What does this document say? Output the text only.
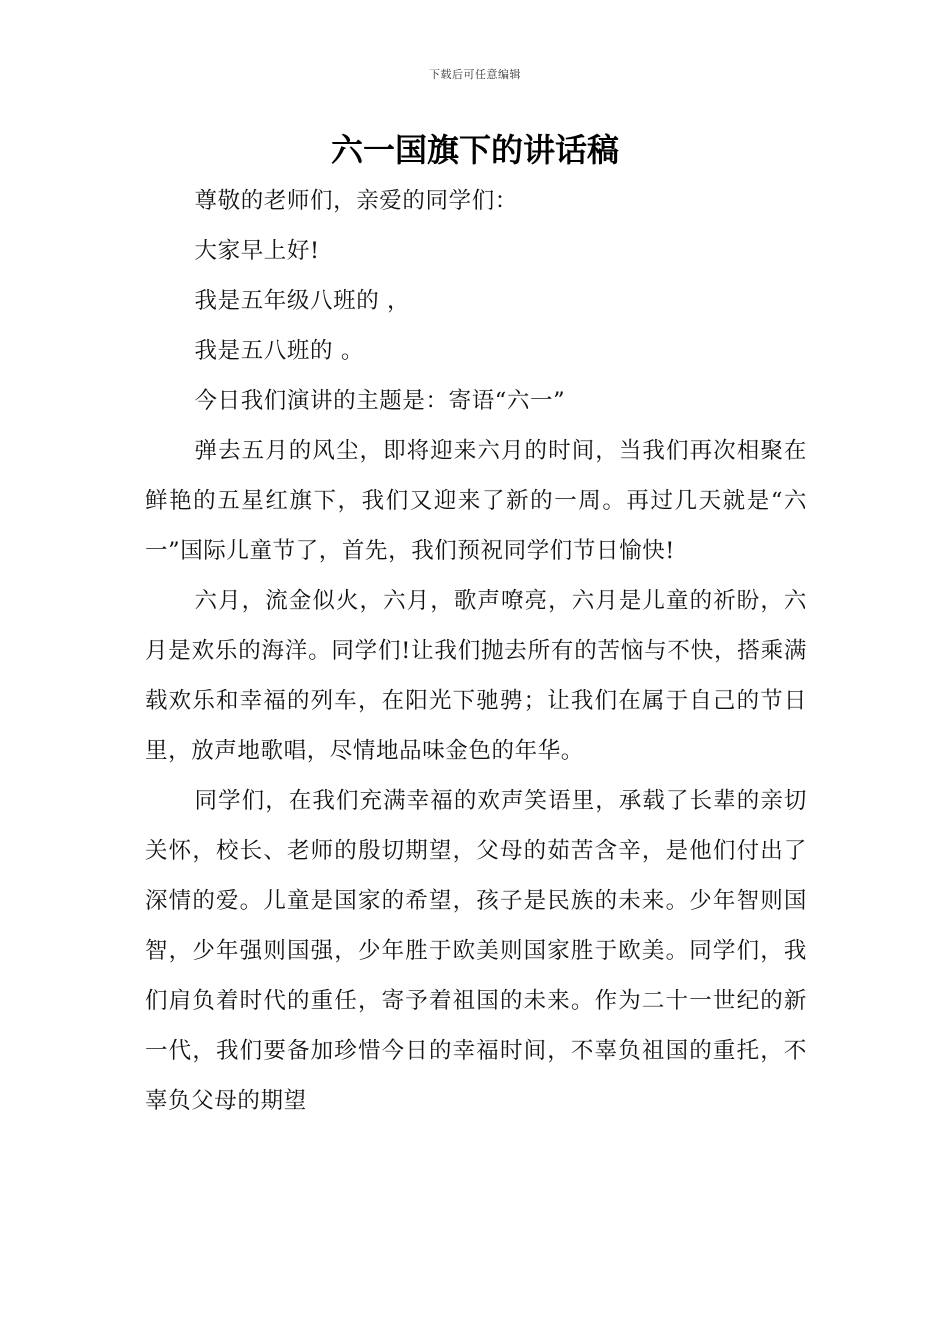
下载后可任意编辑
六一国旗下的讲话稿

尊敬的老师们，亲爱的同学们：

大家早上好!

我是五年级八班的 ，

我是五八班的 。

今日我们演讲的主题是：寄语“六一”

弹去五月的风尘，即将迎来六月的时间，当我们再次相聚在鲜艳的五星红旗下，我们又迎来了新的一周。再过几天就是“六一”国际儿童节了，首先，我们预祝同学们节日愉快!

六月，流金似火，六月，歌声嘹亮，六月是儿童的祈盼，六月是欢乐的海洋。同学们!让我们抛去所有的苦恼与不快，搭乘满载欢乐和幸福的列车，在阳光下驰骋；让我们在属于自己的节日里，放声地歌唱，尽情地品味金色的年华。

同学们，在我们充满幸福的欢声笑语里，承载了长辈的亲切关怀，校长、老师的殷切期望，父母的茹苦含辛，是他们付出了深情的爱。儿童是国家的希望，孩子是民族的未来。少年智则国智，少年强则国强，少年胜于欧美则国家胜于欧美。同学们，我们肩负着时代的重任，寄予着祖国的未来。作为二十一世纪的新一代，我们要备加珍惜今日的幸福时间，不辜负祖国的重托，不辜负父母的期望
